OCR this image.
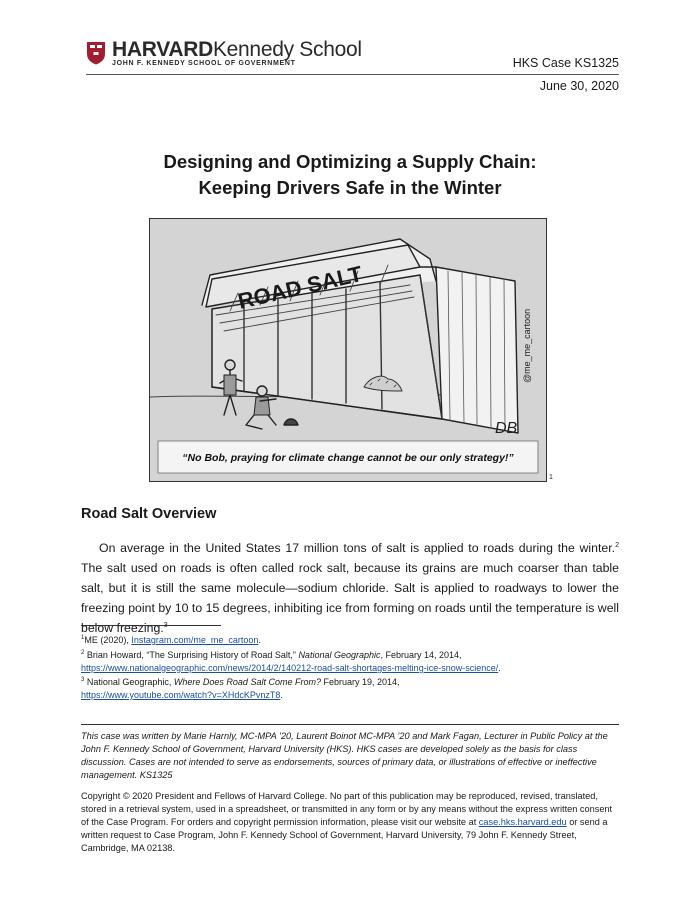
HARVARDKennedy School
JOHN F. KENNEDY SCHOOL OF GOVERNMENT	HKS Case KS1325
June 30, 2020
Designing and Optimizing a Supply Chain:
Keeping Drivers Safe in the Winter
ROAD SALT
@me_me_cartoon
DB
“No Bob, praying for climate change cannot be our only strategy!”
1
Road Salt Overview
On average in the United States 17 million tons of salt is applied to roads during the winter.$^2$ The salt used on roads is often called rock salt, because its grains are much coarser than table salt, but it is still the same molecule—sodium chloride. Salt is applied to roadways to lower the freezing point by 10 to 15 degrees, inhibiting ice from forming on roads until the temperature is well below freezing.$^3$
$^1$ME (2020), Instagram.com/me_me_cartoon.
$^2$ Brian Howard, “The Surprising History of Road Salt,” National Geographic, February 14, 2014,
https://www.nationalgeographic.com/news/2014/2/140212-road-salt-shortages-melting-ice-snow-science/.
$^3$ National Geographic, Where Does Road Salt Come From? February 19, 2014,
https://www.youtube.com/watch?v=XHdcKPvnzT8.
This case was written by Marie Harnly, MC-MPA ’20, Laurent Boinot MC-MPA ’20 and Mark Fagan, Lecturer in Public Policy at the John F. Kennedy School of Government, Harvard University (HKS). HKS cases are developed solely as the basis for class discussion. Cases are not intended to serve as endorsements, sources of primary data, or illustrations of effective or ineffective management. KS1325
Copyright © 2020 President and Fellows of Harvard College. No part of this publication may be reproduced, revised, translated, stored in a retrieval system, used in a spreadsheet, or transmitted in any form or by any means without the express written consent of the Case Program. For orders and copyright permission information, please visit our website at case.hks.harvard.edu or send a written request to Case Program, John F. Kennedy School of Government, Harvard University, 79 John F. Kennedy Street, Cambridge, MA 02138.
